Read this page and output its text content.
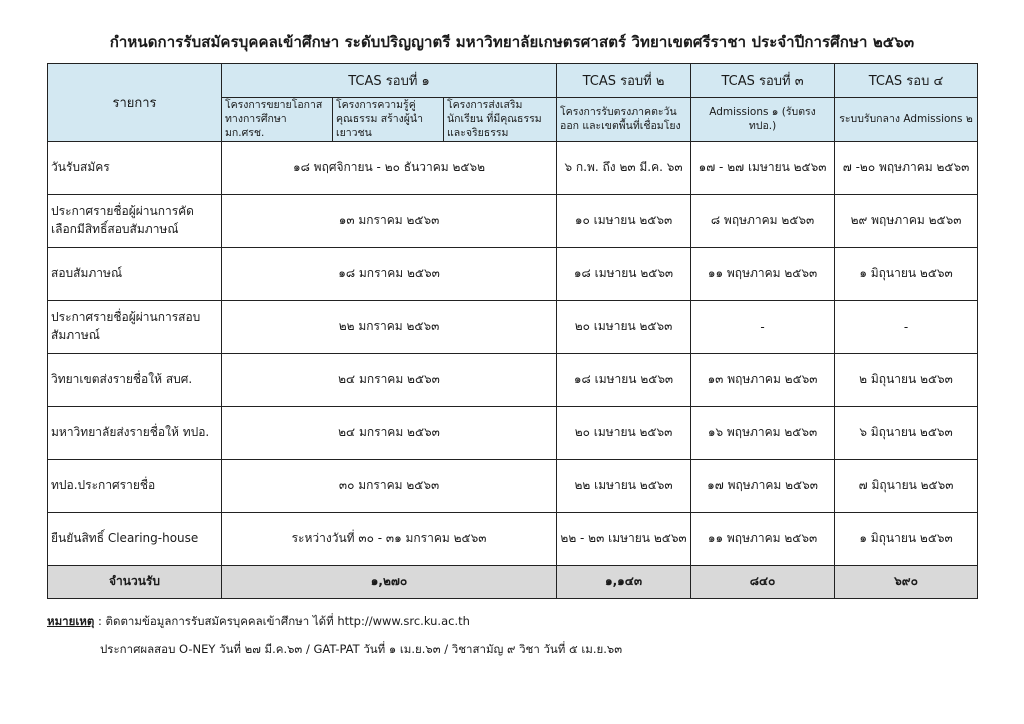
กำหนดการรับสมัครบุคคลเข้าศึกษา ระดับปริญญาตรี มหาวิทยาลัยเกษตรศาสตร์ วิทยาเขตศรีราชา ประจำปีการศึกษา ๒๕๖๓
รายการ	TCAS รอบที่ ๑			TCAS รอบที่ ๒	TCAS รอบที่ ๓	TCAS รอบ ๔
	โครงการขยายโอกาส ทางการศึกษา มก.ศรช.	โครงการความรู้คู่คุณธรรม สร้างผู้นำเยาวชน	โครงการส่งเสริมนักเรียน ที่มีคุณธรรมและจริยธรรม	โครงการรับตรงภาคตะวันออก และเขตพื้นที่เชื่อมโยง	Admissions ๑ (รับตรง ทปอ.)	ระบบรับกลาง Admissions ๒
วันรับสมัคร	๑๘ พฤศจิกายน - ๒๐ ธันวาคม ๒๕๖๒			๖ ก.พ. ถึง ๒๓ มี.ค. ๖๓	๑๗ - ๒๗ เมษายน ๒๕๖๓	๗ -๒๐ พฤษภาคม ๒๕๖๓
ประกาศรายชื่อผู้ผ่านการคัดเลือกมีสิทธิ์สอบสัมภาษณ์	๑๓ มกราคม ๒๕๖๓			๑๐ เมษายน ๒๕๖๓	๘ พฤษภาคม ๒๕๖๓	๒๙ พฤษภาคม ๒๕๖๓
สอบสัมภาษณ์	๑๘ มกราคม ๒๕๖๓			๑๘ เมษายน ๒๕๖๓	๑๑ พฤษภาคม ๒๕๖๓	๑ มิถุนายน ๒๕๖๓
ประกาศรายชื่อผู้ผ่านการสอบสัมภาษณ์	๒๒ มกราคม ๒๕๖๓			๒๐ เมษายน ๒๕๖๓	-	-
วิทยาเขตส่งรายชื่อให้ สบศ.	๒๔ มกราคม ๒๕๖๓			๑๘ เมษายน ๒๕๖๓	๑๓ พฤษภาคม ๒๕๖๓	๒ มิถุนายน ๒๕๖๓
มหาวิทยาลัยส่งรายชื่อให้ ทปอ.	๒๔ มกราคม ๒๕๖๓			๒๐ เมษายน ๒๕๖๓	๑๖ พฤษภาคม ๒๕๖๓	๖ มิถุนายน ๒๕๖๓
ทปอ.ประกาศรายชื่อ	๓๐ มกราคม ๒๕๖๓			๒๒ เมษายน ๒๕๖๓	๑๗ พฤษภาคม ๒๕๖๓	๗ มิถุนายน ๒๕๖๓
ยืนยันสิทธิ์ Clearing-house	ระหว่างวันที่ ๓๐ - ๓๑ มกราคม ๒๕๖๓			๒๒ - ๒๓ เมษายน ๒๕๖๓	๑๑ พฤษภาคม ๒๕๖๓	๑ มิถุนายน ๒๕๖๓
จำนวนรับ	๑,๒๗๐			๑,๑๔๓	๘๔๐	๖๙๐
หมายเหตุ : ติดตามข้อมูลการรับสมัครบุคคลเข้าศึกษา ได้ที่ http://www.src.ku.ac.th
ประกาศผลสอบ O-NEY วันที่ ๒๗ มี.ค.๖๓ / GAT-PAT วันที่ ๑ เม.ย.๖๓ / วิชาสามัญ ๙ วิชา วันที่ ๕ เม.ย.๖๓
